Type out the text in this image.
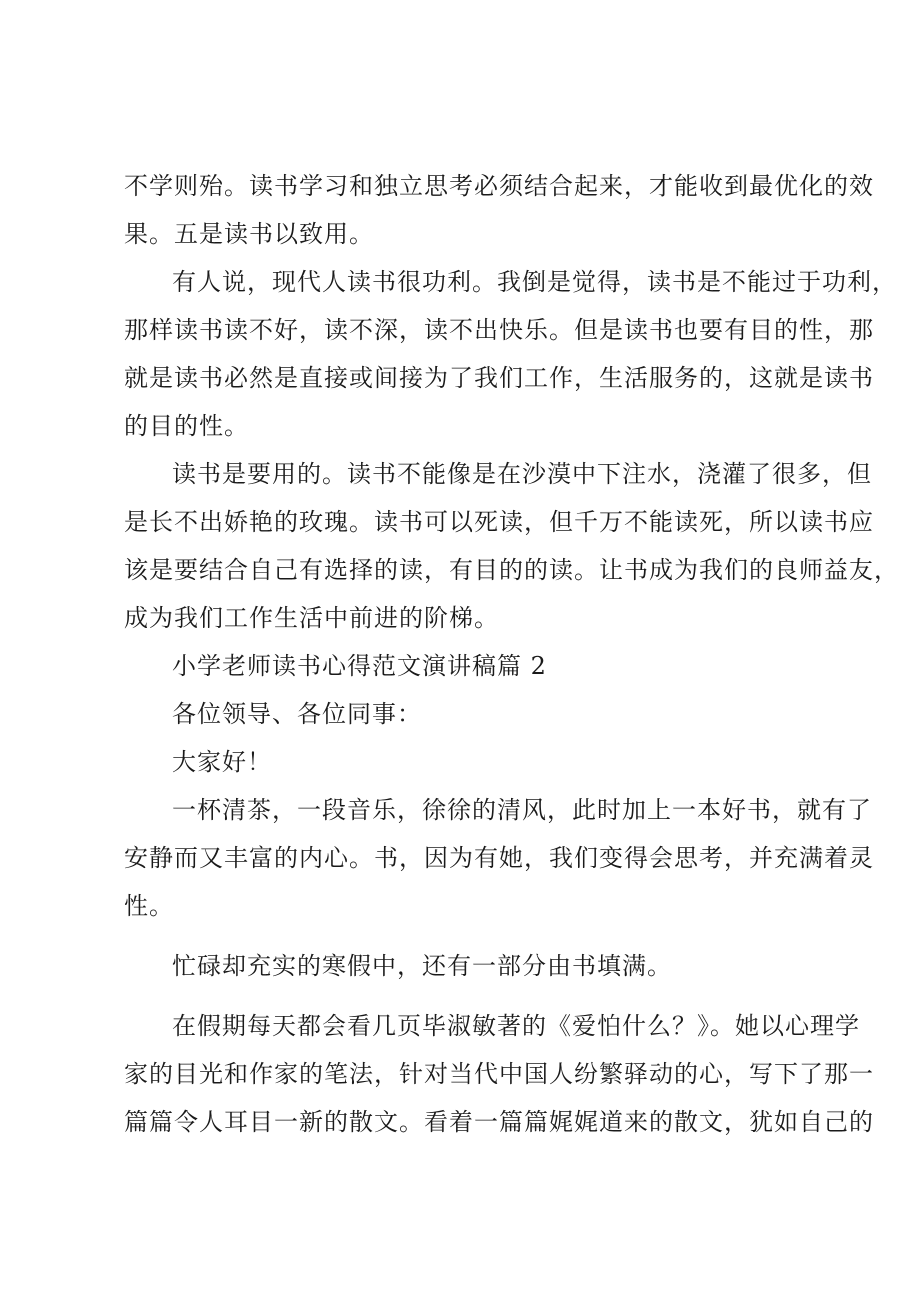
不学则殆。读书学习和独立思考必须结合起来，才能收到最优化的效
果。五是读书以致用。
有人说，现代人读书很功利。我倒是觉得，读书是不能过于功利，
那样读书读不好，读不深，读不出快乐。但是读书也要有目的性，那
就是读书必然是直接或间接为了我们工作，生活服务的，这就是读书
的目的性。
读书是要用的。读书不能像是在沙漠中下注水，浇灌了很多，但
是长不出娇艳的玫瑰。读书可以死读，但千万不能读死，所以读书应
该是要结合自己有选择的读，有目的的读。让书成为我们的良师益友，
成为我们工作生活中前进的阶梯。
小学老师读书心得范文演讲稿篇 2
各位领导、各位同事：
大家好！
一杯清茶，一段音乐，徐徐的清风，此时加上一本好书，就有了
安静而又丰富的内心。书，因为有她，我们变得会思考，并充满着灵
性。
忙碌却充实的寒假中，还有一部分由书填满。
在假期每天都会看几页毕淑敏著的《爱怕什么？》。她以心理学
家的目光和作家的笔法，针对当代中国人纷繁驿动的心，写下了那一
篇篇令人耳目一新的散文。看着一篇篇娓娓道来的散文，犹如自己的
